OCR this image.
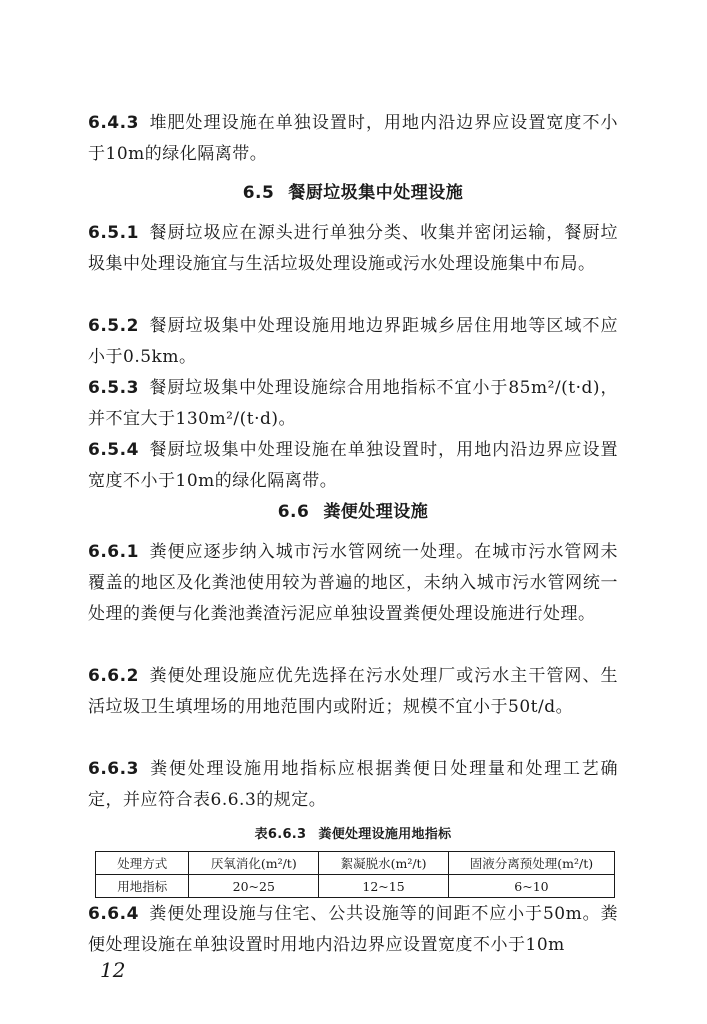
6.4.3 堆肥处理设施在单独设置时，用地内沿边界应设置宽度不小于10m的绿化隔离带。

6.5 餐厨垃圾集中处理设施

6.5.1 餐厨垃圾应在源头进行单独分类、收集并密闭运输，餐厨垃圾集中处理设施宜与生活垃圾处理设施或污水处理设施集中布局。

6.5.2 餐厨垃圾集中处理设施用地边界距城乡居住用地等区域不应小于0.5km。

6.5.3 餐厨垃圾集中处理设施综合用地指标不宜小于85m²/(t·d)，并不宜大于130m²/(t·d)。

6.5.4 餐厨垃圾集中处理设施在单独设置时，用地内沿边界应设置宽度不小于10m的绿化隔离带。

6.6 粪便处理设施

6.6.1 粪便应逐步纳入城市污水管网统一处理。在城市污水管网未覆盖的地区及化粪池使用较为普遍的地区，未纳入城市污水管网统一处理的粪便与化粪池粪渣污泥应单独设置粪便处理设施进行处理。

6.6.2 粪便处理设施应优先选择在污水处理厂或污水主干管网、生活垃圾卫生填埋场的用地范围内或附近；规模不宜小于50t/d。

6.6.3 粪便处理设施用地指标应根据粪便日处理量和处理工艺确定，并应符合表6.6.3的规定。

表6.6.3 粪便处理设施用地指标
处理方式	厌氧消化(m²/t)	絮凝脱水(m²/t)	固液分离预处理(m²/t)
用地指标	20~25	12~15	6~10

6.6.4 粪便处理设施与住宅、公共设施等的间距不应小于50m。粪便处理设施在单独设置时用地内沿边界应设置宽度不小于10m

12
